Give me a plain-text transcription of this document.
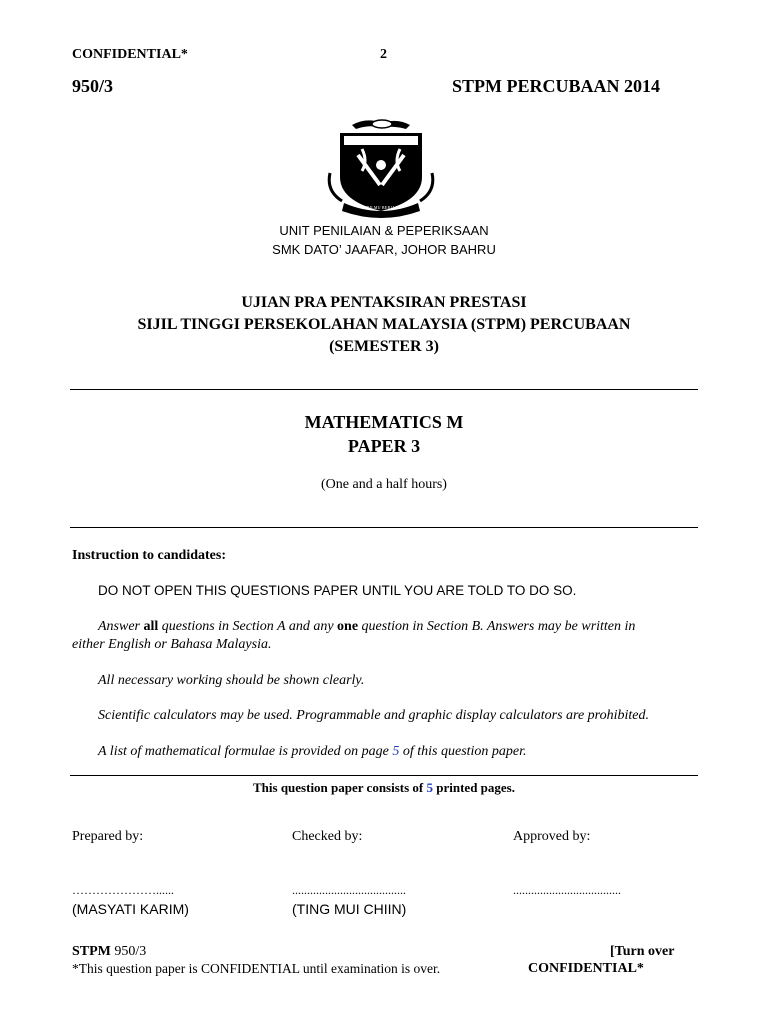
CONFIDENTIAL*	2
950/3	STPM PERCUBAAN 2014
BERILMU BERJASA
UNIT PENILAIAN & PEPERIKSAAN
SMK DATO’ JAAFAR, JOHOR BAHRU
UJIAN PRA PENTAKSIRAN PRESTASI
SIJIL TINGGI PERSEKOLAHAN MALAYSIA (STPM) PERCUBAAN
(SEMESTER 3)
MATHEMATICS M
PAPER 3
(One and a half hours)
Instruction to candidates:
DO NOT OPEN THIS QUESTIONS PAPER UNTIL YOU ARE TOLD TO DO SO.
Answer all questions in Section A and any one question in Section B. Answers may be written in
either English or Bahasa Malaysia.
All necessary working should be shown clearly.
Scientific calculators may be used. Programmable and graphic display calculators are prohibited.
A list of mathematical formulae is provided on page 5 of this question paper.
This question paper consists of 5 printed pages.
Prepared by:	Checked by:	Approved by:
…………………......	......................................	....................................
(MASYATI KARIM)	(TING MUI CHIIN)
STPM 950/3	[Turn over
*This question paper is CONFIDENTIAL until examination is over.	CONFIDENTIAL*
